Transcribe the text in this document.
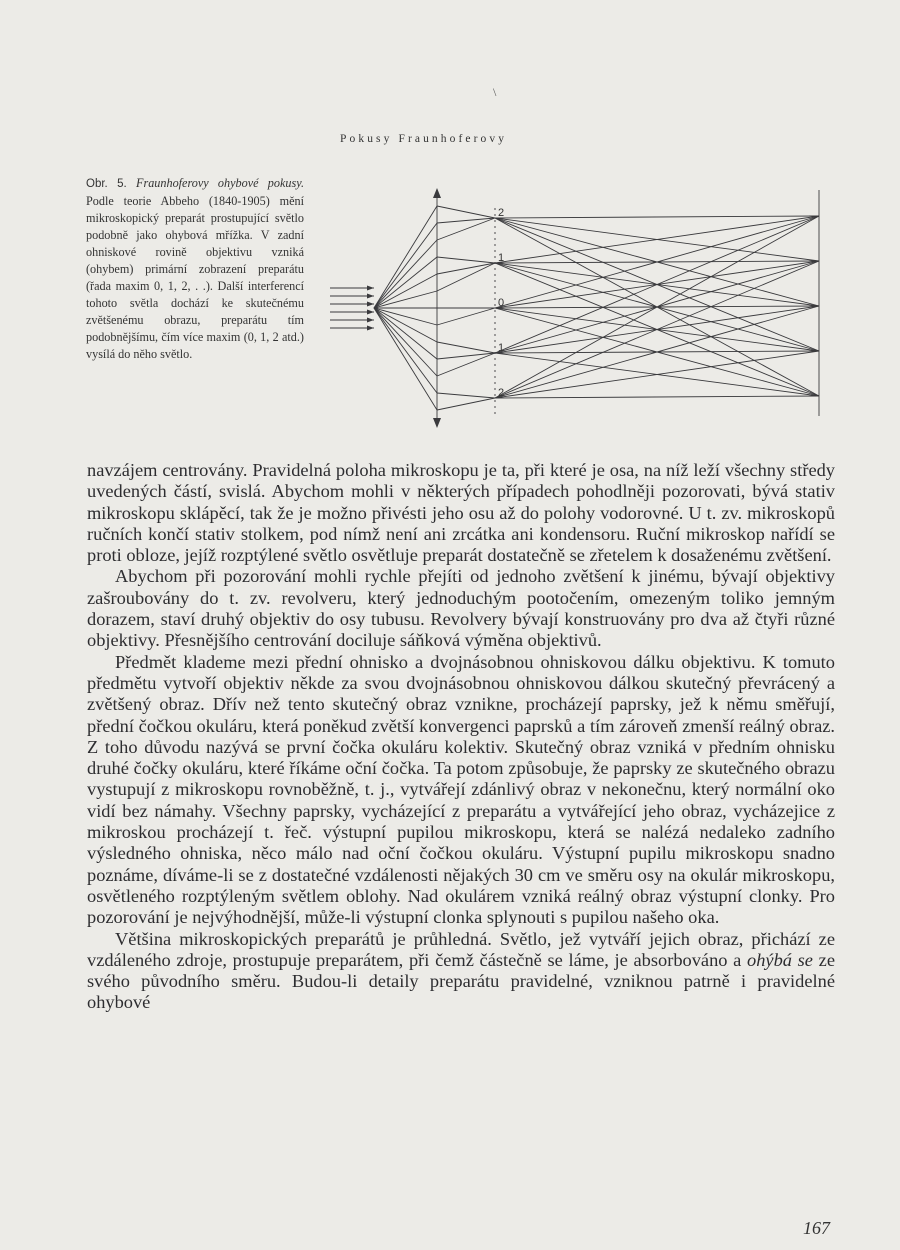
\
Pokusy Fraunhoferovy
Obr. 5. Fraunhoferovy ohybové pokusy. Podle teorie Abbeho (1840-1905) mění mikroskopický preparát prostupující světlo podobně jako ohybová mřížka. V zadní ohniskové rovině objektivu vzniká (ohybem) primární zobrazení preparátu (řada maxim 0, 1, 2, . .). Další interferencí tohoto světla dochází ke skutečnému zvětšenému obrazu, preparátu tím podobnějšímu, čím více maxim (0, 1, 2 atd.) vysílá do něho světlo.
2
1
0
1
2

navzájem centrovány. Pravidelná poloha mikroskopu je ta, při které je osa, na níž leží všechny středy uvedených částí, svislá. Abychom mohli v některých případech pohodlněji pozorovati, bývá stativ mikroskopu sklápěcí, tak že je možno přivésti jeho osu až do polohy vodorovné. U t. zv. mikroskopů ručních končí stativ stolkem, pod nímž není ani zrcátka ani kondensoru. Ruční mikroskop nařídí se proti obloze, jejíž rozptýlené světlo osvětluje preparát dostatečně se zřetelem k dosaženému zvětšení.

Abychom při pozorování mohli rychle přejíti od jednoho zvětšení k jinému, bývají objektivy zašroubovány do t. zv. revolveru, který jednoduchým pootočením, omezeným toliko jemným dorazem, staví druhý objektiv do osy tubusu. Revolvery bývají konstruovány pro dva až čtyři různé objektivy. Přesnějšího centrování dociluje sáňková výměna objektivů.

Předmět klademe mezi přední ohnisko a dvojnásobnou ohniskovou dálku objektivu. K tomuto předmětu vytvoří objektiv někde za svou dvojnásobnou ohniskovou dálkou skutečný převrácený a zvětšený obraz. Dřív než tento skutečný obraz vznikne, procházejí paprsky, jež k němu směřují, přední čočkou okuláru, která poněkud zvětší konvergenci paprsků a tím zároveň zmenší reálný obraz. Z toho důvodu nazývá se první čočka okuláru kolektiv. Skutečný obraz vzniká v předním ohnisku druhé čočky okuláru, které říkáme oční čočka. Ta potom způsobuje, že paprsky ze skutečného obrazu vystupují z mikroskopu rovnoběžně, t. j., vytvářejí zdánlivý obraz v nekonečnu, který normální oko vidí bez námahy. Všechny paprsky, vycházející z preparátu a vytvářející jeho obraz, vycházejice z mikroskou procházejí t. řeč. výstupní pupilou mikroskopu, která se nalézá nedaleko zadního výsledného ohniska, něco málo nad oční čočkou okuláru. Výstupní pupilu mikroskopu snadno poznáme, díváme-li se z dostatečné vzdálenosti nějakých 30 cm ve směru osy na okulár mikroskopu, osvětleného rozptýleným světlem oblohy. Nad okulárem vzniká reálný obraz výstupní clonky. Pro pozorování je nejvýhodnější, může-li výstupní clonka splynouti s pupilou našeho oka.

Většina mikroskopických preparátů je průhledná. Světlo, jež vytváří jejich obraz, přichází ze vzdáleného zdroje, prostupuje preparátem, při čemž částečně se láme, je absorbováno a ohýbá se ze svého původního směru. Budou-li detaily preparátu pravidelné, vzniknou patrně i pravidelné ohybové

167
